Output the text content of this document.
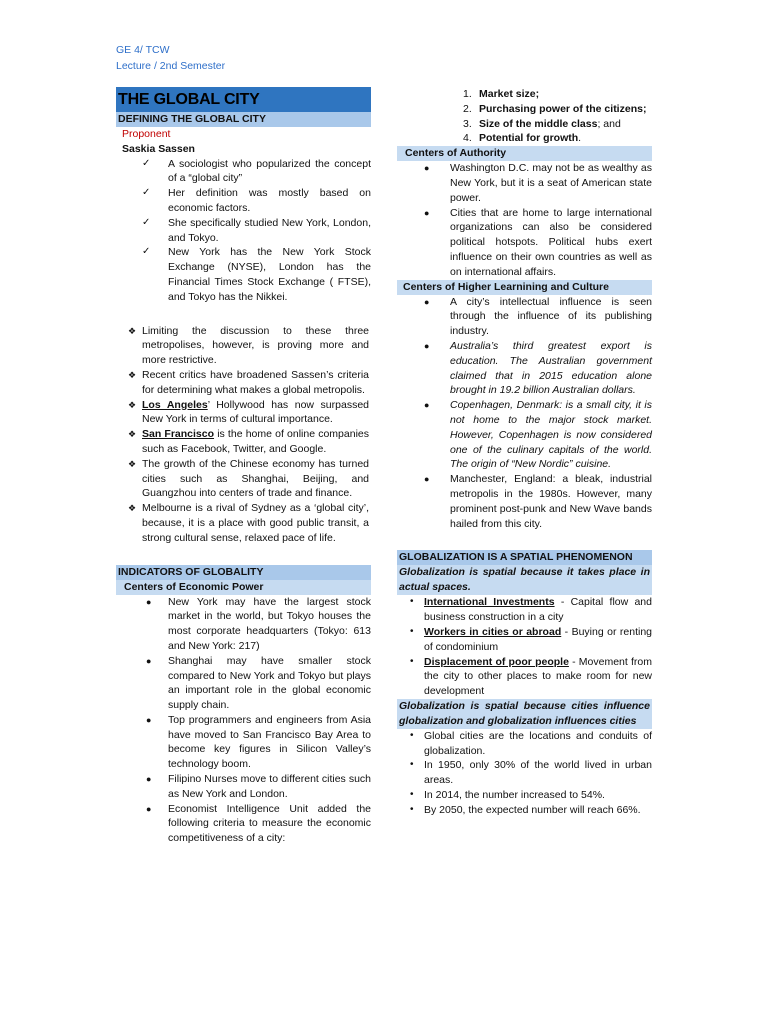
GE 4/ TCW
Lecture / 2nd Semester
THE GLOBAL CITY
DEFINING THE GLOBAL CITY
Proponent
Saskia Sassen
✓ A sociologist who popularized the concept of a “global city”
✓ Her definition was mostly based on economic factors.
✓ She specifically studied New York, London, and Tokyo.
✓ New York has the New York Stock Exchange (NYSE), London has the Financial Times Stock Exchange ( FTSE), and Tokyo has the Nikkei.
❖ Limiting the discussion to these three metropolises, however, is proving more and more restrictive.
❖ Recent critics have broadened Sassen’s criteria for determining what makes a global metropolis.
❖ Los Angeles’ Hollywood has now surpassed New York in terms of cultural importance.
❖ San Francisco is the home of online companies such as Facebook, Twitter, and Google.
❖ The growth of the Chinese economy has turned cities such as Shanghai, Beijing, and Guangzhou into centers of trade and finance.
❖ Melbourne is a rival of Sydney as a ‘global city’, because, it is a place with good public transit, a strong cultural sense, relaxed pace of life.
INDICATORS OF GLOBALITY
Centers of Economic Power
● New York may have the largest stock market in the world, but Tokyo houses the most corporate headquarters (Tokyo: 613 and New York: 217)
● Shanghai may have smaller stock compared to New York and Tokyo but plays an important role in the global economic supply chain.
● Top programmers and engineers from Asia have moved to San Francisco Bay Area to become key figures in Silicon Valley’s technology boom.
● Filipino Nurses move to different cities such as New York and London.
● Economist Intelligence Unit added the following criteria to measure the economic competitiveness of a city:
1. Market size;
2. Purchasing power of the citizens;
3. Size of the middle class; and
4. Potential for growth.
Centers of Authority
● Washington D.C. may not be as wealthy as New York, but it is a seat of American state power.
● Cities that are home to large international organizations can also be considered political hotspots. Political hubs exert influence on their own countries as well as on international affairs.
Centers of Higher Learnining and Culture
● A city’s intellectual influence is seen through the influence of its publishing industry.
● Australia’s third greatest export is education. The Australian government claimed that in 2015 education alone brought in 19.2 billion Australian dollars.
● Copenhagen, Denmark: is a small city, it is not home to the major stock market. However, Copenhagen is now considered one of the culinary capitals of the world. The origin of “New Nordic” cuisine.
● Manchester, England: a bleak, industrial metropolis in the 1980s. However, many prominent post-punk and New Wave bands hailed from this city.
GLOBALIZATION IS A SPATIAL PHENOMENON
Globalization is spatial because it takes place in actual spaces.
• International Investments - Capital flow and business construction in a city
• Workers in cities or abroad - Buying or renting of condominium
• Displacement of poor people - Movement from the city to other places to make room for new development
Globalization is spatial because cities influence globalization and globalization influences cities
• Global cities are the locations and conduits of globalization.
• In 1950, only 30% of the world lived in urban areas.
• In 2014, the number increased to 54%.
• By 2050, the expected number will reach 66%.
